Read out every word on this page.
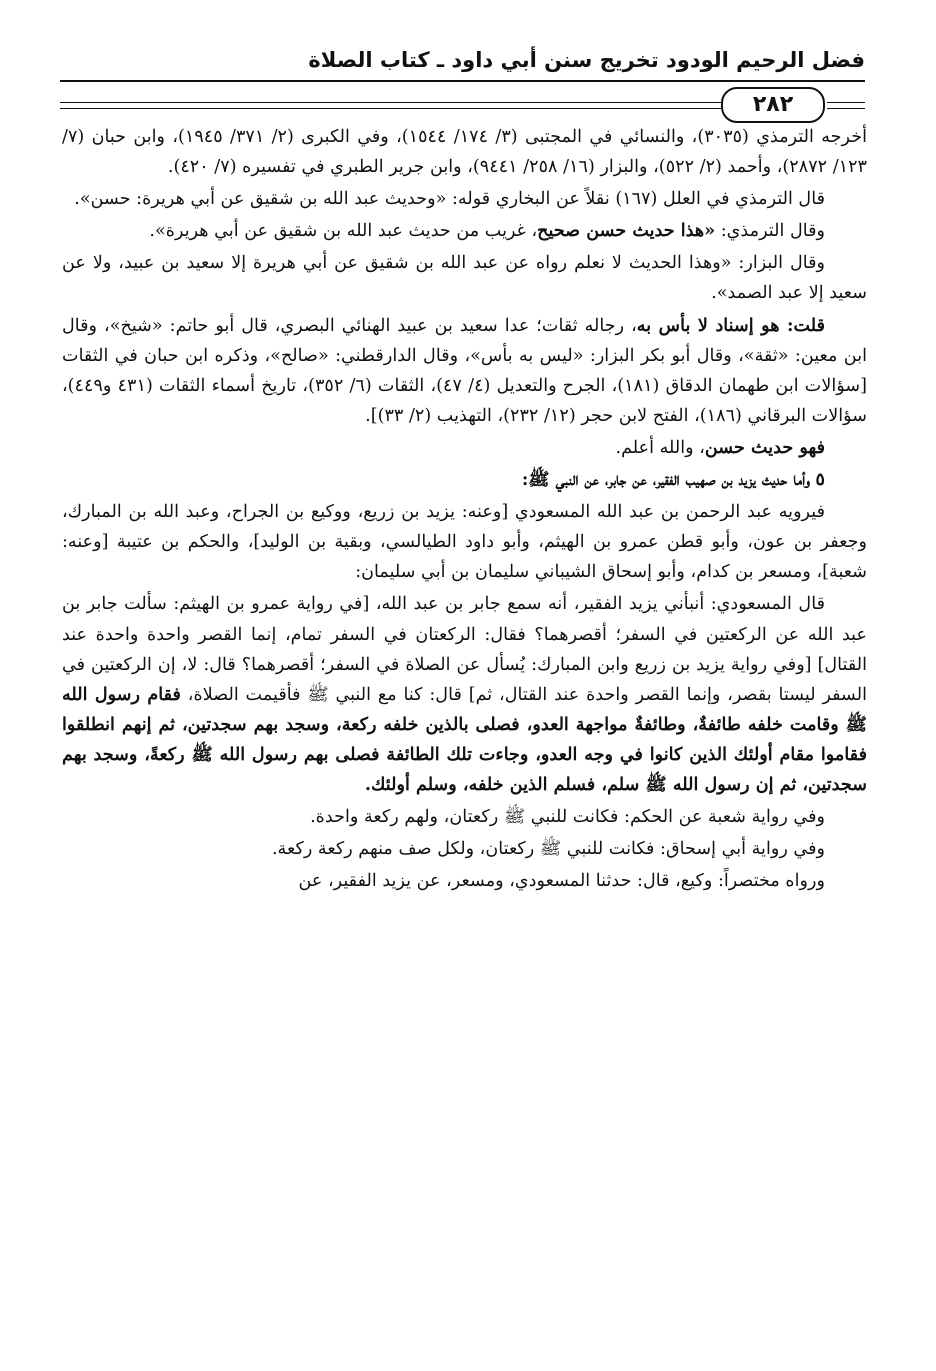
فضل الرحيم الودود تخريج سنن أبي داود ـ كتاب الصلاة
٢٨٢

أخرجه الترمذي (٣٠٣٥)، والنسائي في المجتبى (٣/ ١٧٤/ ١٥٤٤)، وفي الكبرى (٢/ ٣٧١/ ١٩٤٥)، وابن حبان (٧/ ١٢٣/ ٢٨٧٢)، وأحمد (٢/ ٥٢٢)، والبزار (١٦/ ٢٥٨/ ٩٤٤١)، وابن جرير الطبري في تفسيره (٧/ ٤٢٠).

قال الترمذي في العلل (١٦٧) نقلاً عن البخاري قوله: «وحديث عبد الله بن شقيق عن أبي هريرة: حسن».

وقال الترمذي: «هذا حديث حسن صحيح، غريب من حديث عبد الله بن شقيق عن أبي هريرة».

وقال البزار: «وهذا الحديث لا نعلم رواه عن عبد الله بن شقيق عن أبي هريرة إلا سعيد بن عبيد، ولا عن سعيد إلا عبد الصمد».

قلت: هو إسناد لا بأس به، رجاله ثقات؛ عدا سعيد بن عبيد الهنائي البصري، قال أبو حاتم: «شيخ»، وقال ابن معين: «ثقة»، وقال أبو بكر البزار: «ليس به بأس»، وقال الدارقطني: «صالح»، وذكره ابن حبان في الثقات [سؤالات ابن طهمان الدقاق (١٨١)، الجرح والتعديل (٤/ ٤٧)، الثقات (٦/ ٣٥٢)، تاريخ أسماء الثقات (٤٣١ و٤٤٩)، سؤالات البرقاني (١٨٦)، الفتح لابن حجر (١٢/ ٢٣٢)، التهذيب (٢/ ٣٣)].

فهو حديث حسن، والله أعلم.

٥ وأما حديث يزيد بن صهيب الفقير، عن جابر، عن النبي ﷺ:

فيرويه عبد الرحمن بن عبد الله المسعودي [وعنه: يزيد بن زريع، ووكيع بن الجراح، وعبد الله بن المبارك، وجعفر بن عون، وأبو قطن عمرو بن الهيثم، وأبو داود الطيالسي، وبقية بن الوليد]، والحكم بن عتيبة [وعنه: شعبة]، ومسعر بن كدام، وأبو إسحاق الشيباني سليمان بن أبي سليمان:

قال المسعودي: أنبأني يزيد الفقير، أنه سمع جابر بن عبد الله، [في رواية عمرو بن الهيثم: سألت جابر بن عبد الله عن الركعتين في السفر؛ أقصرهما؟ فقال: الركعتان في السفر تمام، إنما القصر واحدة واحدة عند القتال] [وفي رواية يزيد بن زريع وابن المبارك: يُسأل عن الصلاة في السفر؛ أقصرهما؟ قال: لا، إن الركعتين في السفر ليستا بقصر، وإنما القصر واحدة عند القتال، ثم] قال: كنا مع النبي ﷺ فأقيمت الصلاة، فقام رسول الله ﷺ وقامت خلفه طائفةٌ، وطائفةٌ مواجهة العدو، فصلى بالذين خلفه ركعة، وسجد بهم سجدتين، ثم إنهم انطلقوا فقاموا مقام أولئك الذين كانوا في وجه العدو، وجاءت تلك الطائفة فصلى بهم رسول الله ﷺ ركعةً، وسجد بهم سجدتين، ثم إن رسول الله ﷺ سلم، فسلم الذين خلفه، وسلم أولئك.

وفي رواية شعبة عن الحكم: فكانت للنبي ﷺ ركعتان، ولهم ركعة واحدة.

وفي رواية أبي إسحاق: فكانت للنبي ﷺ ركعتان، ولكل صف منهم ركعة ركعة.

ورواه مختصراً: وكيع، قال: حدثنا المسعودي، ومسعر، عن يزيد الفقير، عن
